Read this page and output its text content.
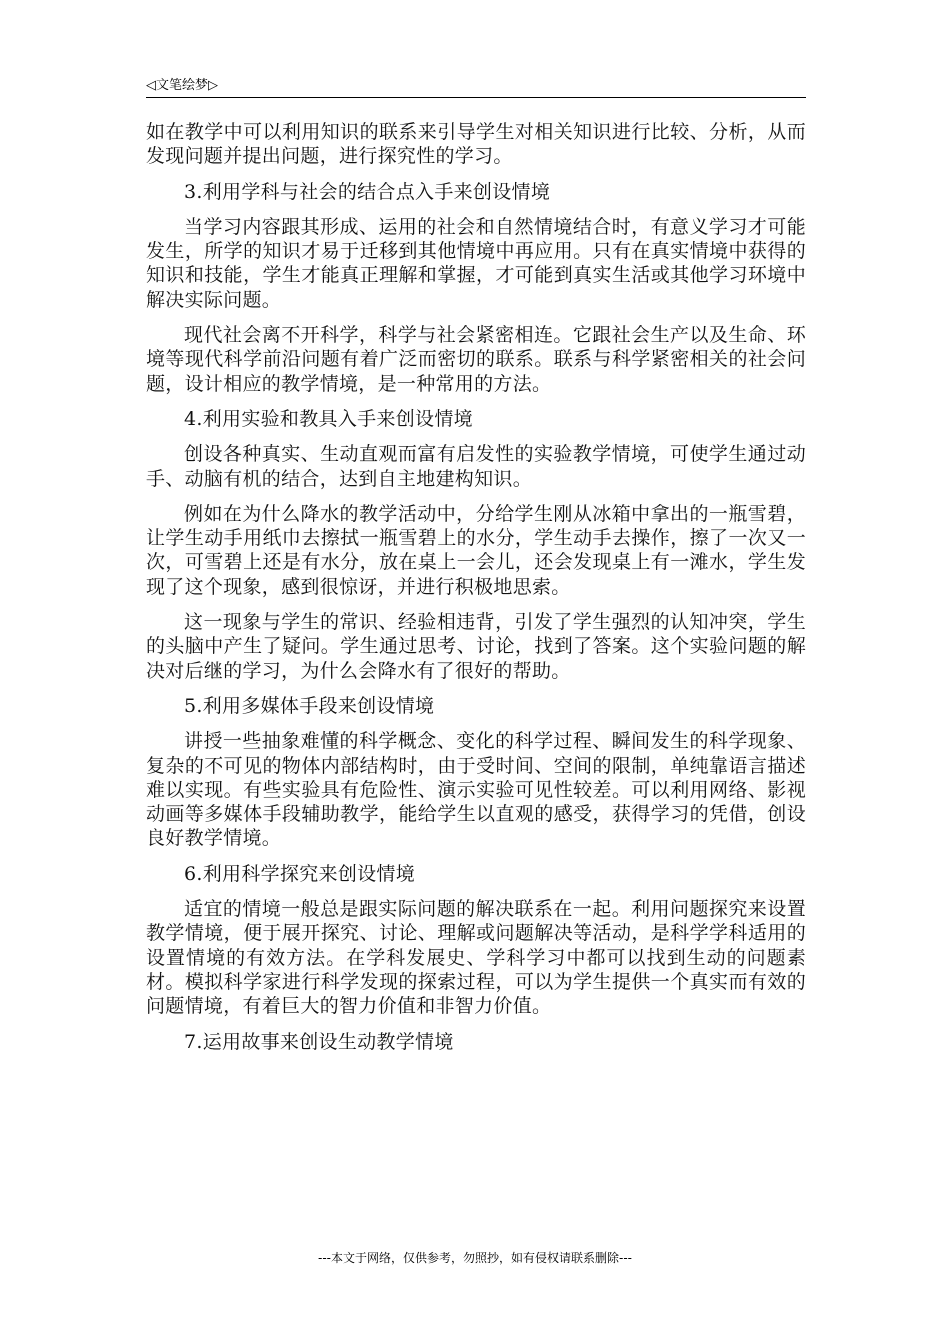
◁文笔绘梦▷

如在教学中可以利用知识的联系来引导学生对相关知识进行比较、分析，从而发现问题并提出问题，进行探究性的学习。

3.利用学科与社会的结合点入手来创设情境

当学习内容跟其形成、运用的社会和自然情境结合时，有意义学习才可能发生，所学的知识才易于迁移到其他情境中再应用。只有在真实情境中获得的知识和技能，学生才能真正理解和掌握，才可能到真实生活或其他学习环境中解决实际问题。

现代社会离不开科学，科学与社会紧密相连。它跟社会生产以及生命、环境等现代科学前沿问题有着广泛而密切的联系。联系与科学紧密相关的社会问题，设计相应的教学情境，是一种常用的方法。

4.利用实验和教具入手来创设情境

创设各种真实、生动直观而富有启发性的实验教学情境，可使学生通过动手、动脑有机的结合，达到自主地建构知识。

例如在为什么降水的教学活动中，分给学生刚从冰箱中拿出的一瓶雪碧，让学生动手用纸巾去擦拭一瓶雪碧上的水分，学生动手去操作，擦了一次又一次，可雪碧上还是有水分，放在桌上一会儿，还会发现桌上有一滩水，学生发现了这个现象，感到很惊讶，并进行积极地思索。

这一现象与学生的常识、经验相违背，引发了学生强烈的认知冲突，学生的头脑中产生了疑问。学生通过思考、讨论，找到了答案。这个实验问题的解决对后继的学习，为什么会降水有了很好的帮助。

5.利用多媒体手段来创设情境

讲授一些抽象难懂的科学概念、变化的科学过程、瞬间发生的科学现象、复杂的不可见的物体内部结构时，由于受时间、空间的限制，单纯靠语言描述难以实现。有些实验具有危险性、演示实验可见性较差。可以利用网络、影视动画等多媒体手段辅助教学，能给学生以直观的感受，获得学习的凭借，创设良好教学情境。

6.利用科学探究来创设情境

适宜的情境一般总是跟实际问题的解决联系在一起。利用问题探究来设置教学情境，便于展开探究、讨论、理解或问题解决等活动，是科学学科适用的设置情境的有效方法。在学科发展史、学科学习中都可以找到生动的问题素材。模拟科学家进行科学发现的探索过程，可以为学生提供一个真实而有效的问题情境，有着巨大的智力价值和非智力价值。

7.运用故事来创设生动教学情境

---本文于网络，仅供参考，勿照抄，如有侵权请联系删除---
